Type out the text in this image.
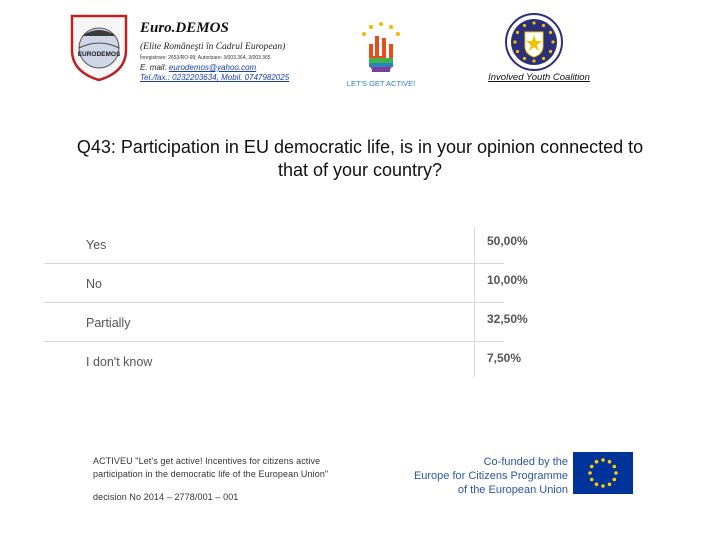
EURODEMOS
Euro.DEMOS
(Elite Româneşti în Cadrul European)
Înregistrare: 2653/RO-99; Autorizare: 3/003.364, 3/003.365
E. mail: eurodemos@yahoo.com
Tel./fax.: 0232203634, Mobil. 0747982025
LET'S GET ACTIVE!
Involved Youth Coalition
Q43: Participation in EU democratic life, is in your opinion connected to
that of your country?
Yes	50,00%
No	10,00%
Partially	32,50%
I don't know	7,50%
ACTIVEU "Let's get active! Incentives for citizens active
participation in the democratic life of the European Union"
decision No 2014 – 2778/001 – 001
Co-funded by the
Europe for Citizens Programme
of the European Union
